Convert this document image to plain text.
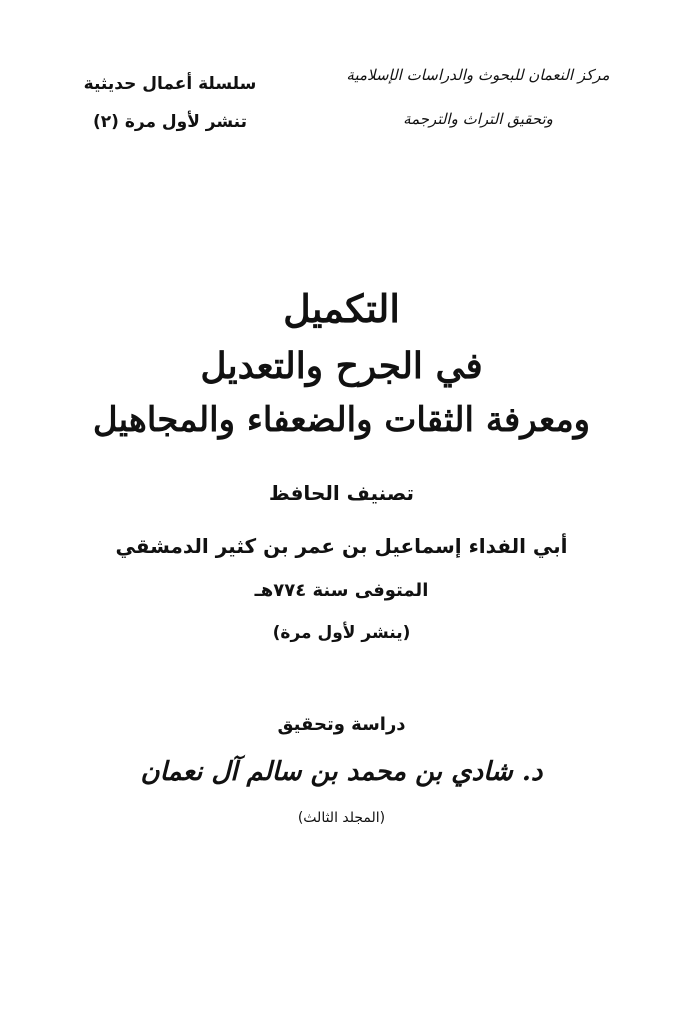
سلسلة أعمال حديثية
تنشر لأول مرة (٢)
مركز النعمان للبحوث والدراسات الإسلامية
وتحقيق التراث والترجمة
التكميل
في الجرح والتعديل
ومعرفة الثقات والضعفاء والمجاهيل
تصنيف الحافظ
أبي الفداء إسماعيل بن عمر بن كثير الدمشقي
المتوفى سنة ٧٧٤هـ
(ينشر لأول مرة)
دراسة وتحقيق
د. شادي بن محمد بن سالم آل نعمان
(المجلد الثالث)
